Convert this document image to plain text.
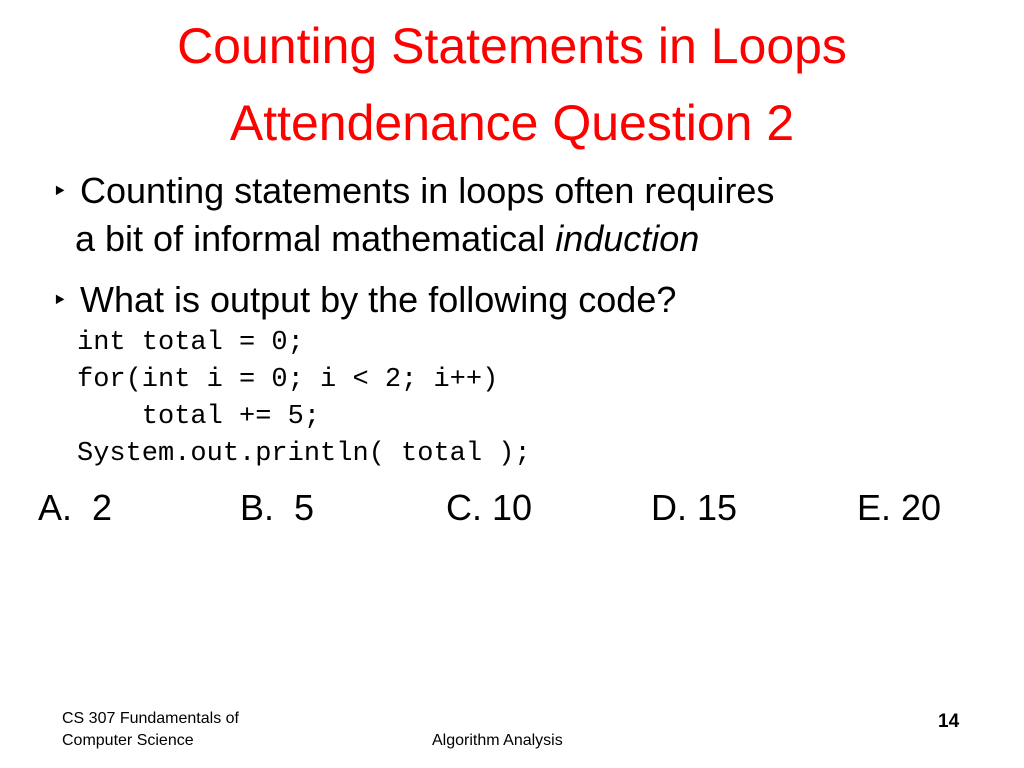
Counting Statements in Loops
Attendenance Question 2
‣ Counting statements in loops often requires
a bit of informal mathematical induction
‣ What is output by the following code?
int total = 0;
for(int i = 0; i < 2; i++)
total += 5;
System.out.println( total );
A.  2	B.  5	C. 10	D. 15	E. 20
CS 307 Fundamentals of
Computer Science	Algorithm Analysis
14
